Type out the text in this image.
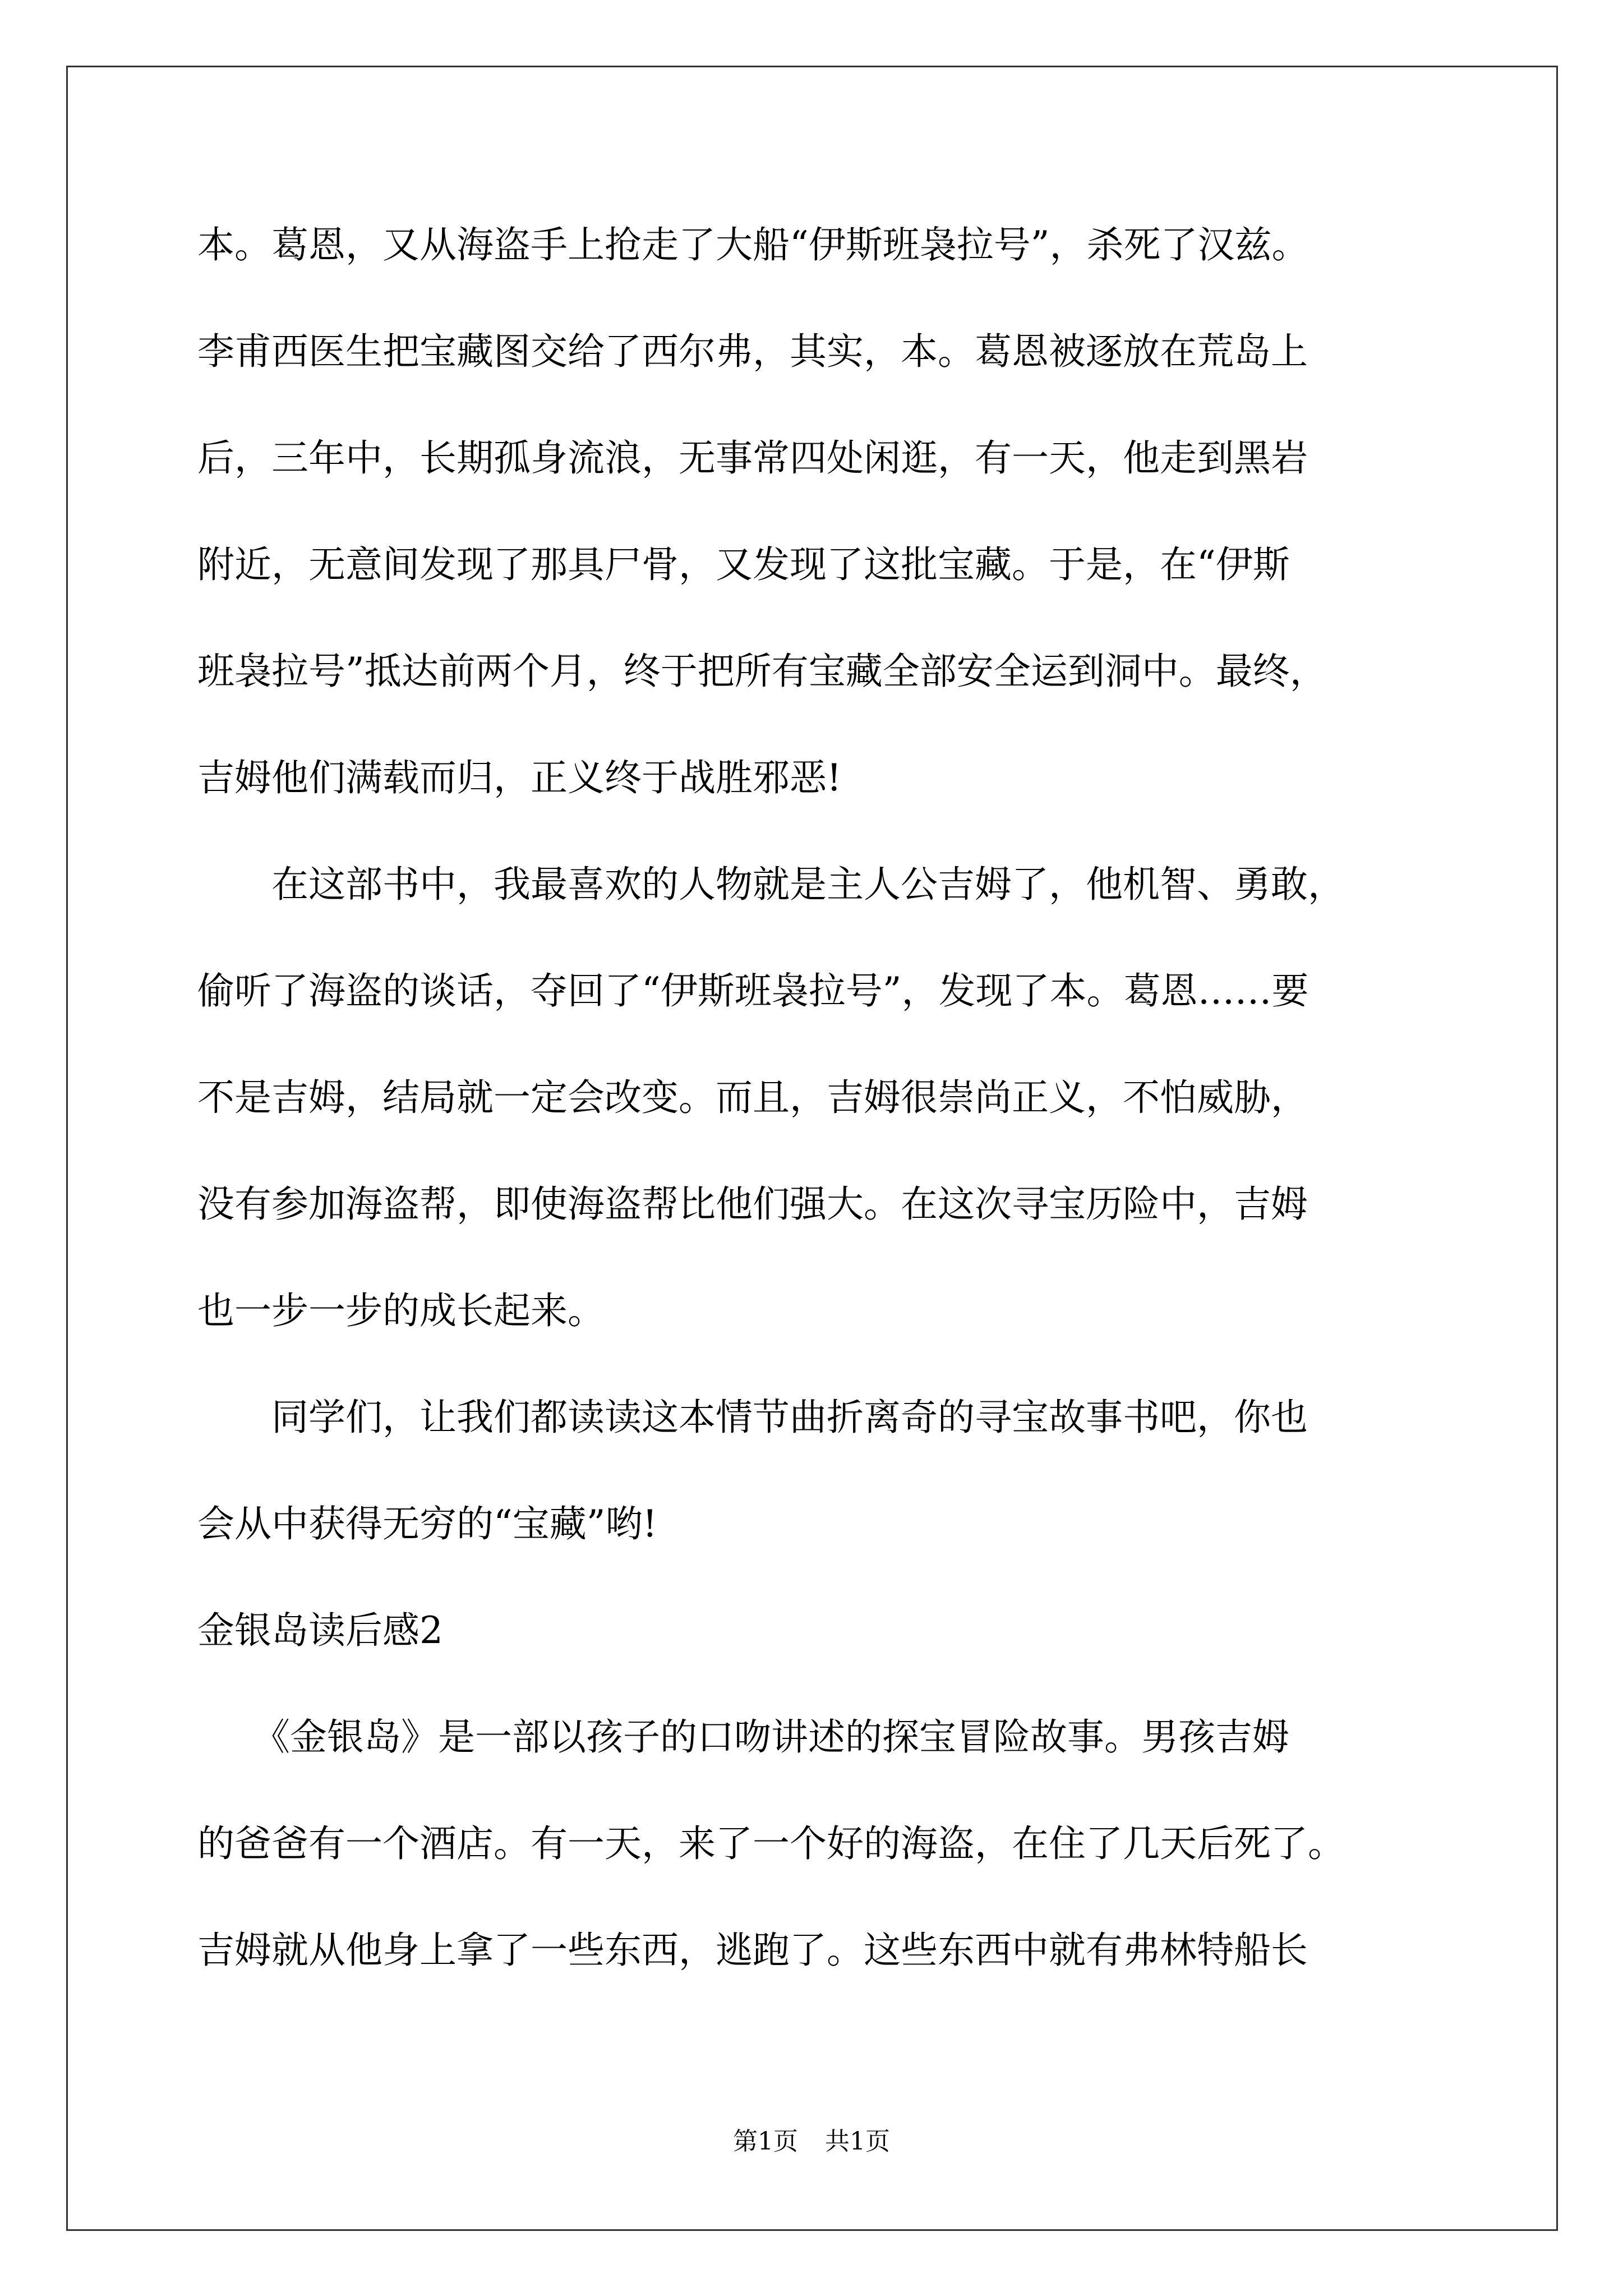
本。葛恩，又从海盗手上抢走了大船“伊斯班袅拉号”，杀死了汉兹。
李甫西医生把宝藏图交给了西尔弗，其实，本。葛恩被逐放在荒岛上
后，三年中，长期孤身流浪，无事常四处闲逛，有一天，他走到黑岩
附近，无意间发现了那具尸骨，又发现了这批宝藏。于是，在“伊斯
班袅拉号”抵达前两个月，终于把所有宝藏全部安全运到洞中。最终，
吉姆他们满载而归，正义终于战胜邪恶!
　　在这部书中，我最喜欢的人物就是主人公吉姆了，他机智、勇敢，
偷听了海盗的谈话，夺回了“伊斯班袅拉号”，发现了本。葛恩……要
不是吉姆，结局就一定会改变。而且，吉姆很崇尚正义，不怕威胁，
没有参加海盗帮，即使海盗帮比他们强大。在这次寻宝历险中，吉姆
也一步一步的成长起来。
　　同学们，让我们都读读这本情节曲折离奇的寻宝故事书吧，你也
会从中获得无穷的“宝藏”哟!
金银岛读后感2
　　《金银岛》是一部以孩子的口吻讲述的探宝冒险故事。男孩吉姆
的爸爸有一个酒店。有一天，来了一个好的海盗，在住了几天后死了。
吉姆就从他身上拿了一些东西，逃跑了。这些东西中就有弗林特船长
第1页 共1页
